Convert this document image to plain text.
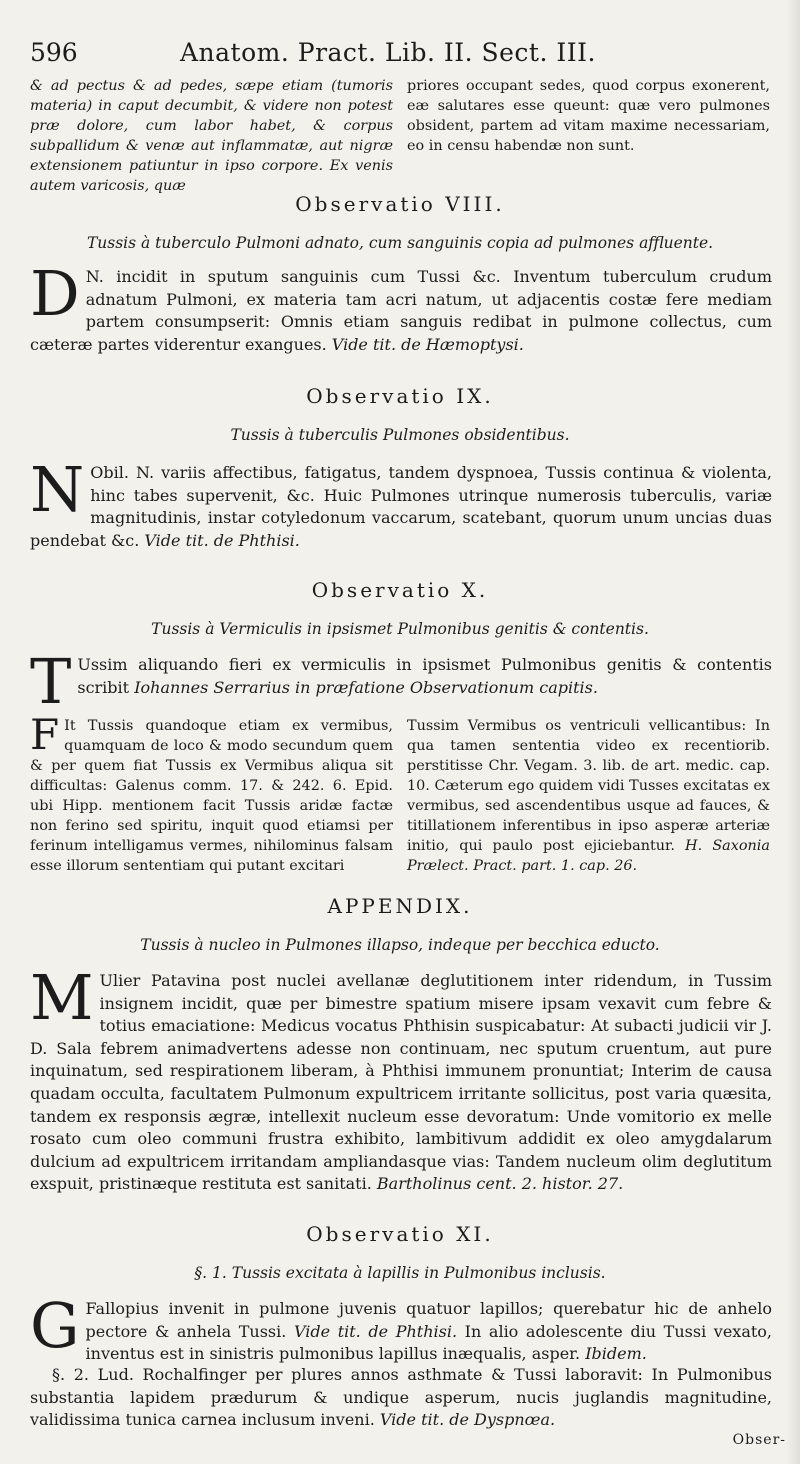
596	Anatom. Pract. Lib. II. Sect. III.
& ad pectus & ad pedes, sæpe etiam (tumoris materia) in caput decumbit, & videre non potest præ dolore, cum labor habet, & corpus subpallidum & venæ aut inflammatæ, aut nigræ extensionem patiuntur in ipso corpore. Ex venis autem varicosis, quæ
priores occupant sedes, quod corpus exonerent, eæ salutares esse queunt: quæ vero pulmones obsident, partem ad vitam maxime necessariam, eo in censu habendæ non sunt.
Observatio VIII.
Tussis à tuberculo Pulmoni adnato, cum sanguinis copia ad pulmones affluente.
D N. incidit in sputum sanguinis cum Tussi &c. Inventum tuberculum crudum adnatum Pulmoni, ex materia tam acri natum, ut adjacentis costæ fere mediam partem consumpserit: Omnis etiam sanguis redibat in pulmone collectus, cum cæteræ partes viderentur exangues. Vide tit. de Hæmoptysi.
Observatio IX.
Tussis à tuberculis Pulmones obsidentibus.
N Obil. N. variis affectibus, fatigatus, tandem dyspnoea, Tussis continua & violenta, hinc tabes supervenit, &c. Huic Pulmones utrinque numerosis tuberculis, variæ magnitudinis, instar cotyledonum vaccarum, scatebant, quorum unum uncias duas pendebat &c. Vide tit. de Phthisi.
Observatio X.
Tussis à Vermiculis in ipsismet Pulmonibus genitis & contentis.
T Ussim aliquando fieri ex vermiculis in ipsismet Pulmonibus genitis & contentis scribit Iohannes Serrarius in præfatione Observationum capitis.
F It Tussis quandoque etiam ex vermibus, quamquam de loco & modo secundum quem & per quem fiat Tussis ex Vermibus aliqua sit difficultas: Galenus comm. 17. & 242. 6. Epid. ubi Hipp. mentionem facit Tussis aridæ factæ non ferino sed spiritu, inquit quod etiamsi per ferinum intelligamus vermes, nihilominus falsam esse illorum sententiam qui putant excitari
Tussim Vermibus os ventriculi vellicantibus: In qua tamen sententia video ex recentiorib. perstitisse Chr. Vegam. 3. lib. de art. medic. cap. 10. Cæterum ego quidem vidi Tusses excitatas ex vermibus, sed ascendentibus usque ad fauces, & titillationem inferentibus in ipso asperæ arteriæ initio, qui paulo post ejiciebantur. H. Saxonia Prælect. Pract. part. 1. cap. 26.
APPENDIX.
Tussis à nucleo in Pulmones illapso, indeque per becchica educto.
M Ulier Patavina post nuclei avellanæ deglutitionem inter ridendum, in Tussim insignem incidit, quæ per bimestre spatium misere ipsam vexavit cum febre & totius emaciatione: Medicus vocatus Phthisin suspicabatur: At subacti judicii vir J. D. Sala febrem animadvertens adesse non continuam, nec sputum cruentum, aut pure inquinatum, sed respirationem liberam, à Phthisi immunem pronuntiat; Interim de causa quadam occulta, facultatem Pulmonum expultricem irritante sollicitus, post varia quæsita, tandem ex responsis ægræ, intellexit nucleum esse devoratum: Unde vomitorio ex melle rosato cum oleo communi frustra exhibito, lambitivum addidit ex oleo amygdalarum dulcium ad expultricem irritandam ampliandasque vias: Tandem nucleum olim deglutitum exspuit, pristinæque restituta est sanitati. Bartholinus cent. 2. histor. 27.
Observatio XI.
§. 1. Tussis excitata à lapillis in Pulmonibus inclusis.
G Fallopius invenit in pulmone juvenis quatuor lapillos; querebatur hic de anhelo pectore & anhela Tussi. Vide tit. de Phthisi. In alio adolescente diu Tussi vexato, inventus est in sinistris pulmonibus lapillus inæqualis, asper. Ibidem.
§. 2. Lud. Rochalfinger per plures annos asthmate & Tussi laboravit: In Pulmonibus substantia lapidem prædurum & undique asperum, nucis juglandis magnitudine, validissima tunica carnea inclusum inveni. Vide tit. de Dyspnœa.
Obser-
